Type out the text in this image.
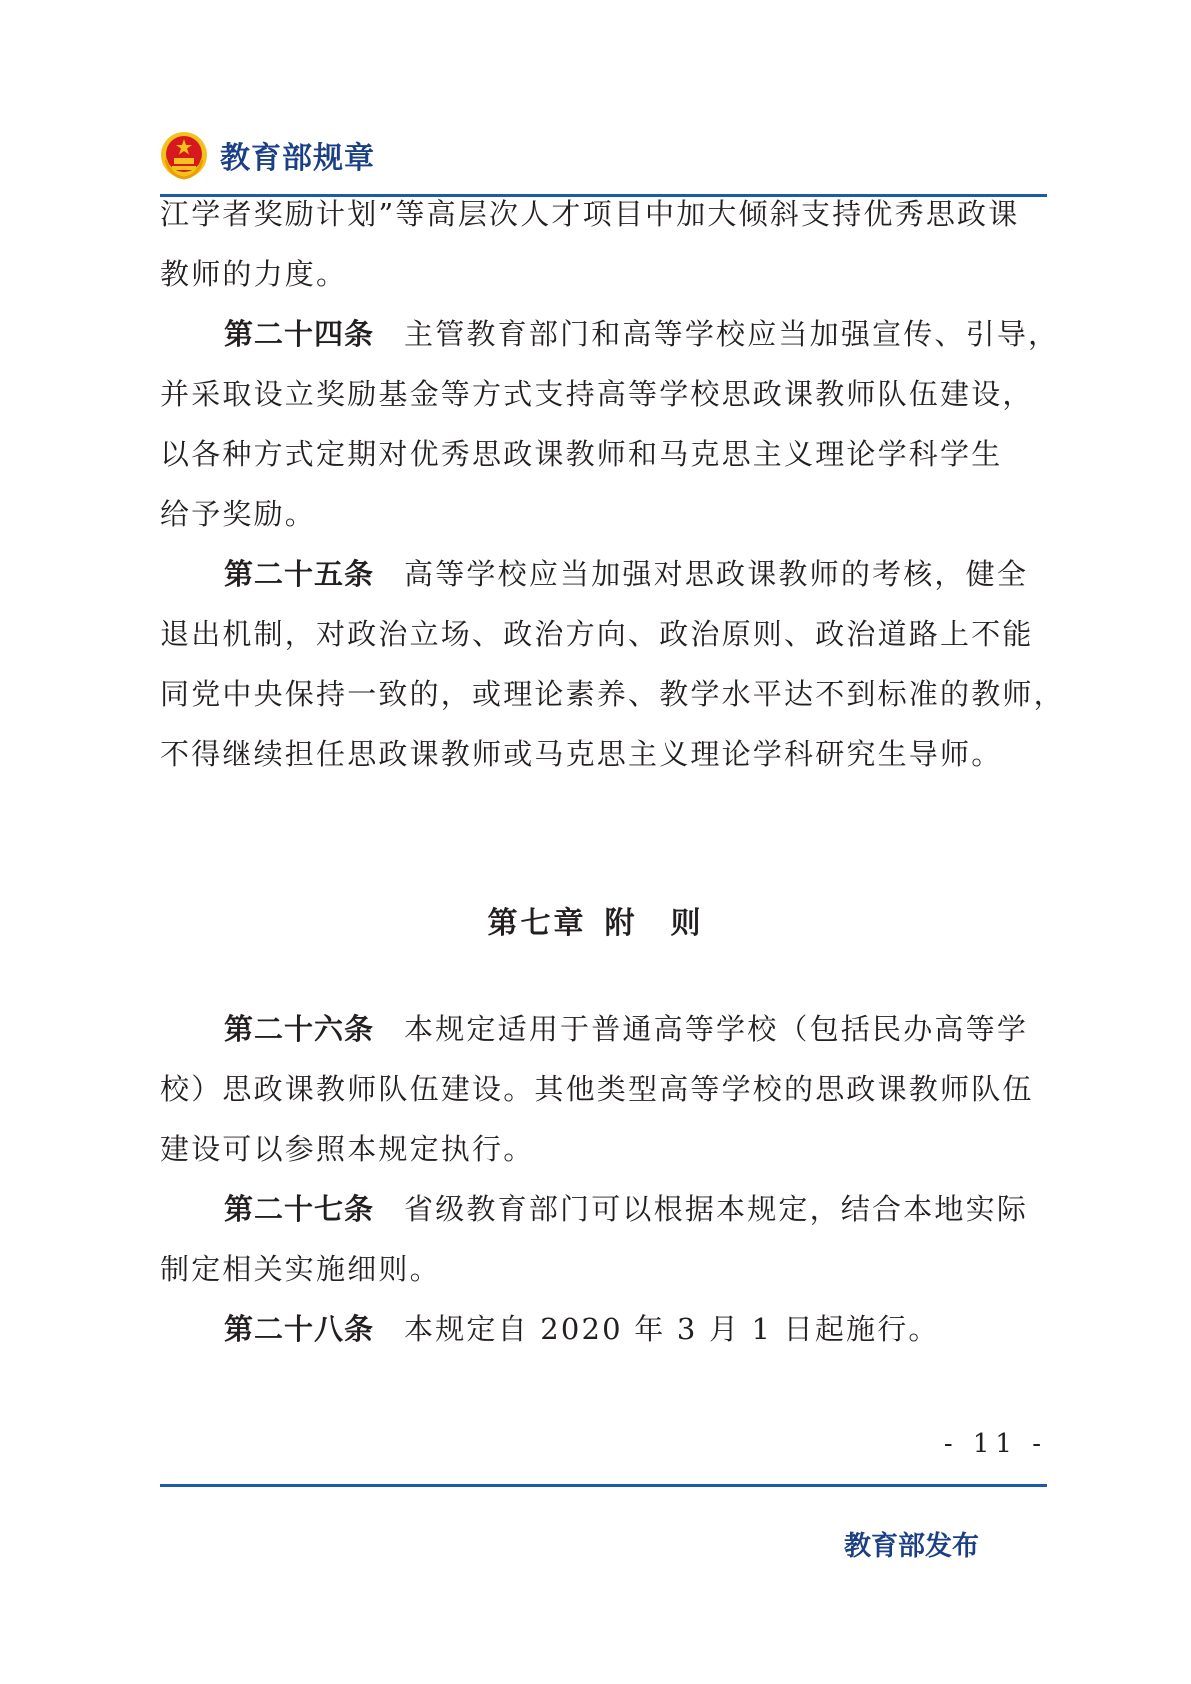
教育部规章
江学者奖励计划”等高层次人才项目中加大倾斜支持优秀思政课
教师的力度。
第二十四条 主管教育部门和高等学校应当加强宣传、引导，
并采取设立奖励基金等方式支持高等学校思政课教师队伍建设，
以各种方式定期对优秀思政课教师和马克思主义理论学科学生
给予奖励。
第二十五条 高等学校应当加强对思政课教师的考核，健全
退出机制，对政治立场、政治方向、政治原则、政治道路上不能
同党中央保持一致的，或理论素养、教学水平达不到标准的教师，
不得继续担任思政课教师或马克思主义理论学科研究生导师。
第七章 附　则
第二十六条 本规定适用于普通高等学校（包括民办高等学
校）思政课教师队伍建设。其他类型高等学校的思政课教师队伍
建设可以参照本规定执行。
第二十七条 省级教育部门可以根据本规定，结合本地实际
制定相关实施细则。
第二十八条 本规定自 2020 年 3 月 1 日起施行。
- 11 -
教育部发布
